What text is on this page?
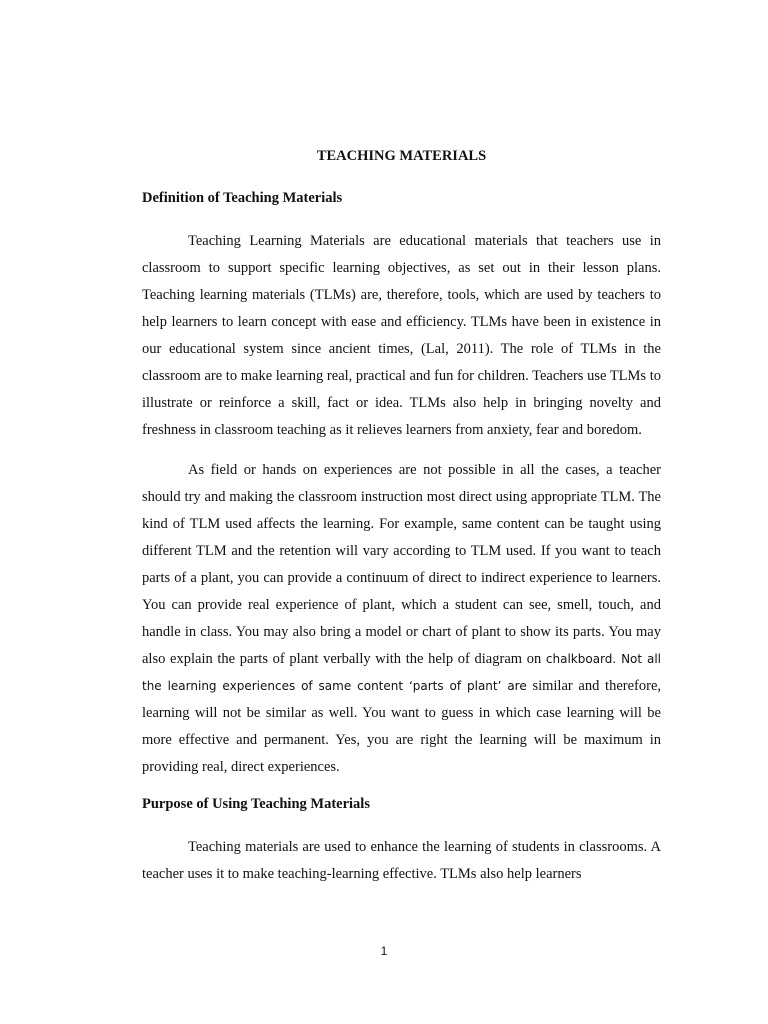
TEACHING MATERIALS
Definition of Teaching Materials

Teaching Learning Materials are educational materials that teachers use in classroom to support specific learning objectives, as set out in their lesson plans. Teaching learning materials (TLMs) are, therefore, tools, which are used by teachers to help learners to learn concept with ease and efficiency. TLMs have been in existence in our educational system since ancient times, (Lal, 2011). The role of TLMs in the classroom are to make learning real, practical and fun for children. Teachers use TLMs to illustrate or reinforce a skill, fact or idea. TLMs also help in bringing novelty and freshness in classroom teaching as it relieves learners from anxiety, fear and boredom.

As field or hands on experiences are not possible in all the cases, a teacher should try and making the classroom instruction most direct using appropriate TLM. The kind of TLM used affects the learning. For example, same content can be taught using different TLM and the retention will vary according to TLM used. If you want to teach parts of a plant, you can provide a continuum of direct to indirect experience to learners. You can provide real experience of plant, which a student can see, smell, touch, and handle in class. You may also bring a model or chart of plant to show its parts. You may also explain the parts of plant verbally with the help of diagram on chalkboard. Not all the learning experiences of same content ‘parts of plant’ are similar and therefore, learning will not be similar as well. You want to guess in which case learning will be more effective and permanent. Yes, you are right the learning will be maximum in providing real, direct experiences.

Purpose of Using Teaching Materials

Teaching materials are used to enhance the learning of students in classrooms. A teacher uses it to make teaching-learning effective. TLMs also help learners

1
